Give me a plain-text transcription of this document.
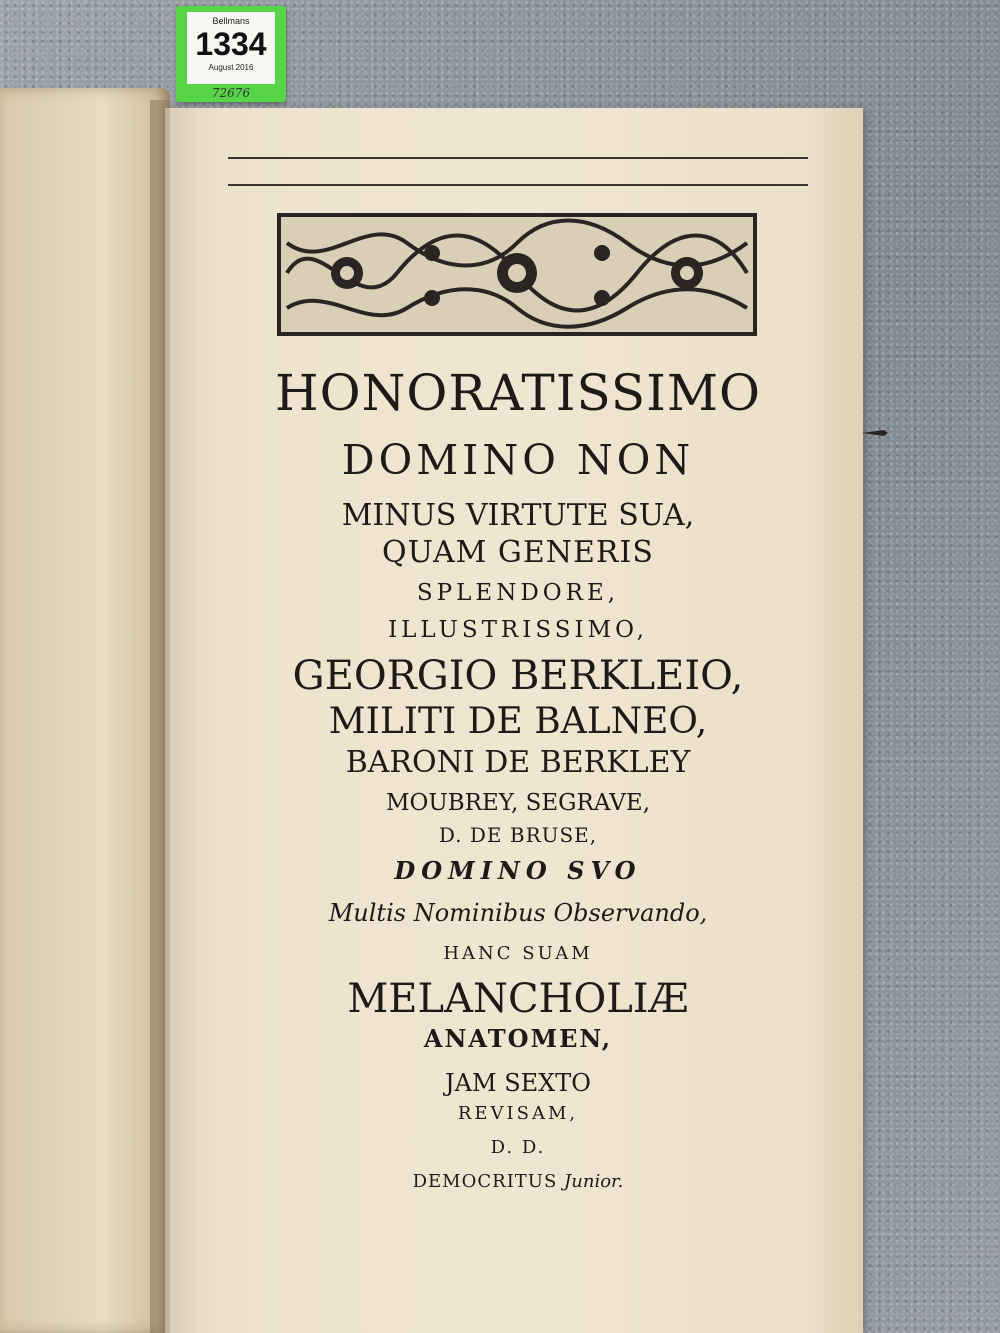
Bellmans
1334
August 2016
72676
HONORATISSIMO
DOMINO NON
MINUS VIRTUTE SUA,
QUAM GENERIS
SPLENDORE,
ILLUSTRISSIMO,
GEORGIO BERKLEIO,
MILITI DE BALNEO,
BARONI DE BERKLEY
MOUBREY, SEGRAVE,
D. DE BRUSE,
DOMINO SVO
Multis Nominibus Observando,
HANC SUAM
MELANCHOLIÆ
ANATOMEN,
JAM SEXTO
REVISAM,
D. D.
DEMOCRITUS Junior.
